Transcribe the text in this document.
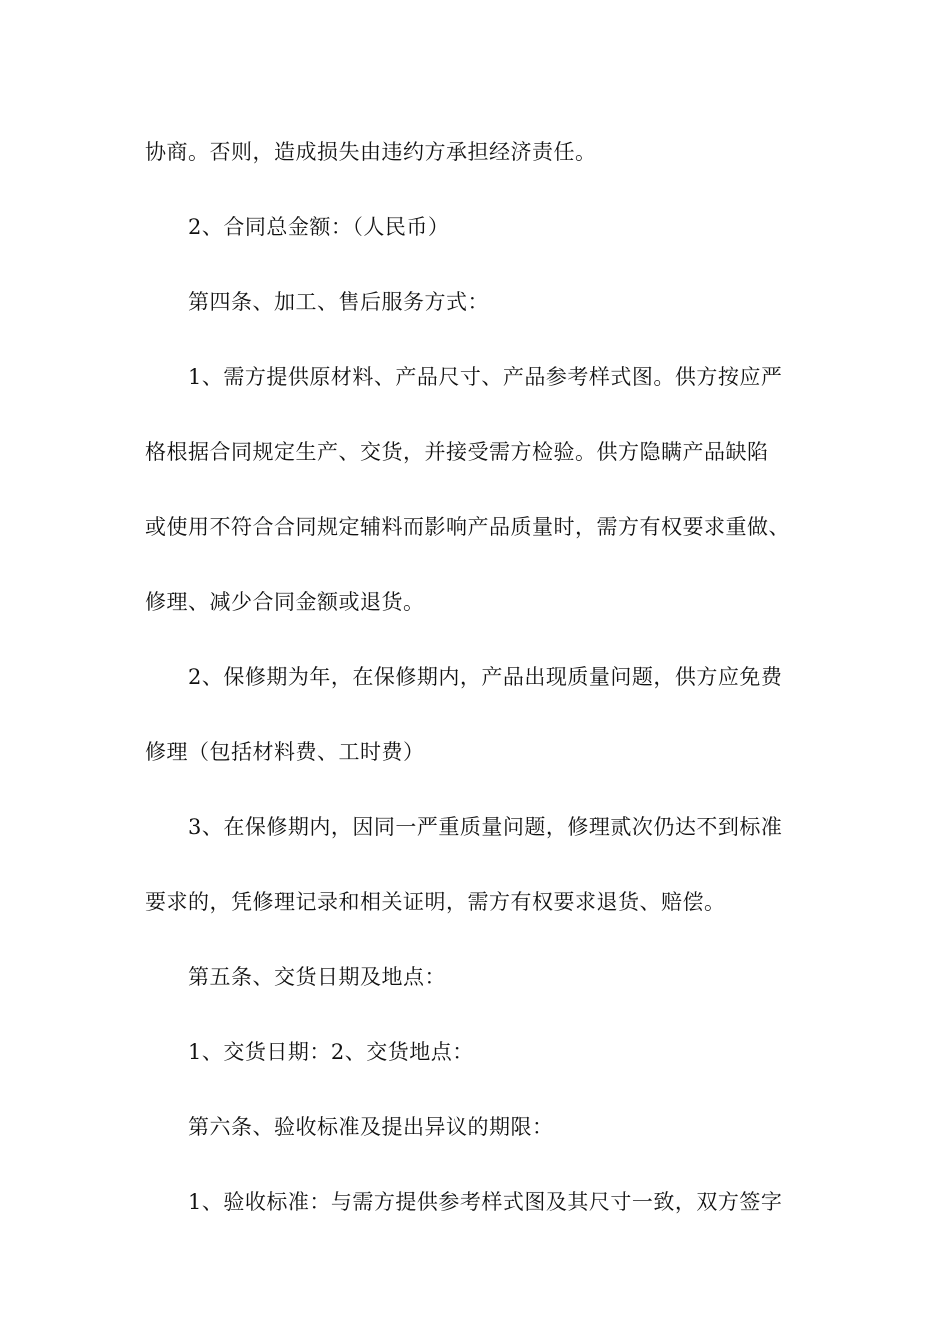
协商。否则，造成损失由违约方承担经济责任。
2、合同总金额：（人民币）
第四条、加工、售后服务方式：
1、需方提供原材料、产品尺寸、产品参考样式图。供方按应严
格根据合同规定生产、交货，并接受需方检验。供方隐瞒产品缺陷
或使用不符合合同规定辅料而影响产品质量时，需方有权要求重做、
修理、减少合同金额或退货。
2、保修期为年，在保修期内，产品出现质量问题，供方应免费
修理（包括材料费、工时费）
3、在保修期内，因同一严重质量问题，修理贰次仍达不到标准
要求的，凭修理记录和相关证明，需方有权要求退货、赔偿。
第五条、交货日期及地点：
1、交货日期：2、交货地点：
第六条、验收标准及提出异议的期限：
1、验收标准：与需方提供参考样式图及其尺寸一致，双方签字
